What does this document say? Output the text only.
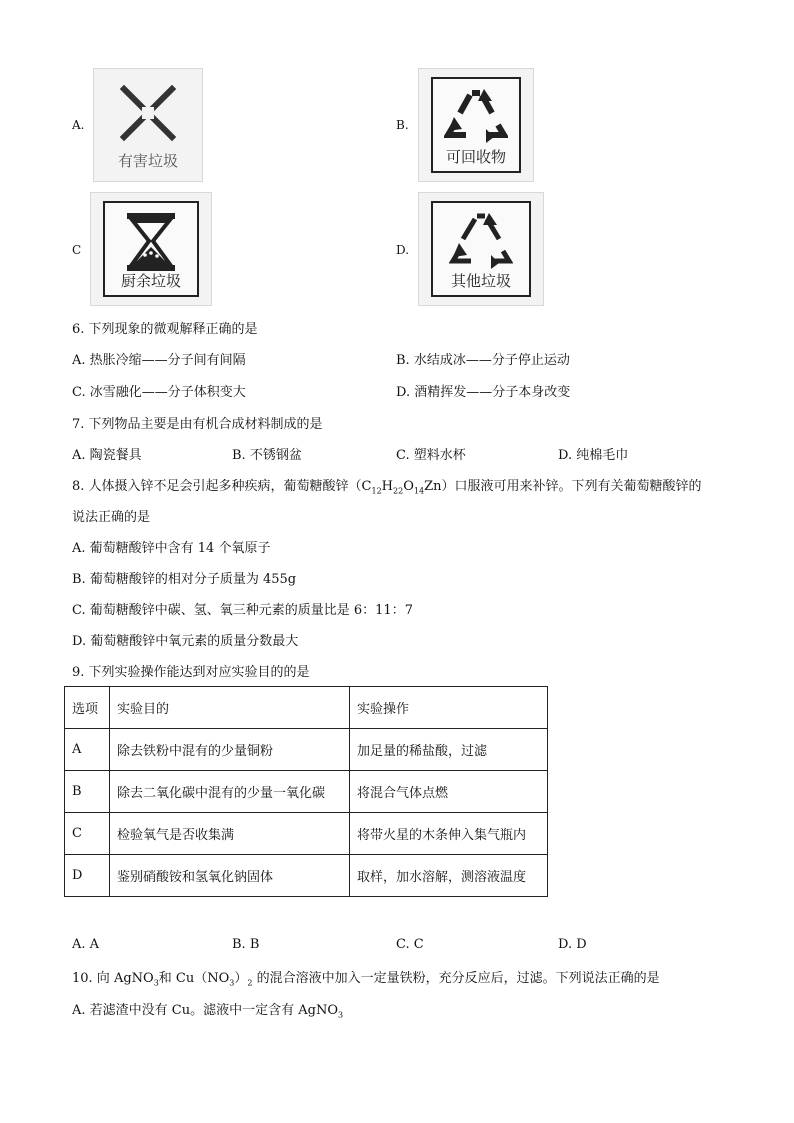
A.
有害垃圾
B.
可回收物
C
厨余垃圾
D.
其他垃圾
6. 下列现象的微观解释正确的是
A. 热胀冷缩——分子间有间隔	B. 水结成冰——分子停止运动
C. 冰雪融化——分子体积变大	D. 酒精挥发——分子本身改变
7. 下列物品主要是由有机合成材料制成的是
A. 陶瓷餐具	B. 不锈钢盆	C. 塑料水杯	D. 纯棉毛巾
8. 人体摄入锌不足会引起多种疾病，葡萄糖酸锌$(C_{12}H_{22}O_{14}Zn)$口服液可用来补锌。下列有关葡萄糖酸锌的
说法正确的是
A. 葡萄糖酸锌中含有 14 个氧原子
B. 葡萄糖酸锌的相对分子质量为 455g
C. 葡萄糖酸锌中碳、氢、氧三种元素的质量比是 6：11：7
D. 葡萄糖酸锌中氧元素的质量分数最大
9. 下列实验操作能达到对应实验目的的是
选项	实验目的	实验操作
A	除去铁粉中混有的少量铜粉	加足量的稀盐酸，过滤
B	除去二氧化碳中混有的少量一氧化碳	将混合气体点燃
C	检验氧气是否收集满	将带火星的木条伸入集气瓶内
D	鉴别硝酸铵和氢氧化钠固体	取样，加水溶解，测溶液温度
A. A	B. B	C. C	D. D
10. 向 AgNO$_3$和 $Cu(NO_3)_2$ 的混合溶液中加入一定量铁粉，充分反应后，过滤。下列说法正确的是
A. 若滤渣中没有 Cu。滤液中一定含有 AgNO$_3$
